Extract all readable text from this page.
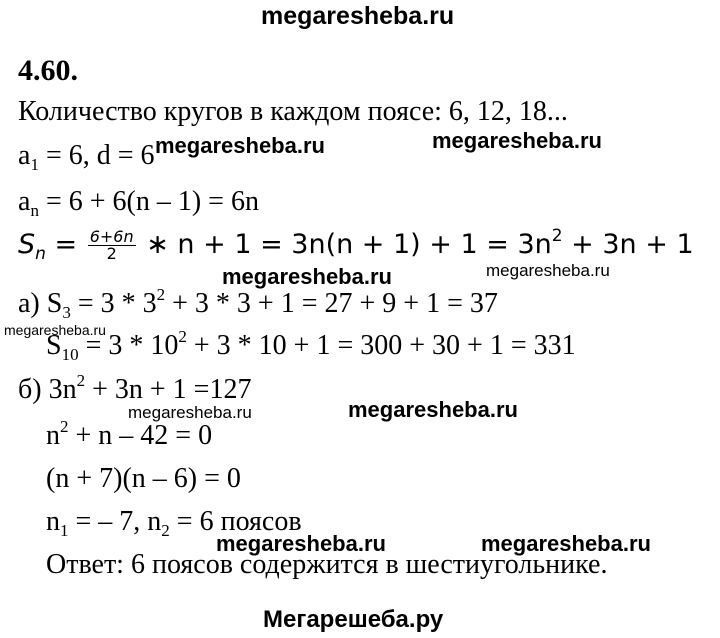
megaresheba.ru
4.60.
Количество кругов в каждом поясе: 6, 12, 18...
$a_1 = 6$, d = 6 megaresheba.ru	megaresheba.ru
$a_n = 6 + 6(n - 1) = 6n$
$S_n = \frac{6+6n}{2}$ ∗ $n + 1 = 3n(n + 1) + 1 = 3n^2 + 3n + 1$
megaresheba.ru	megaresheba.ru
а) $S_3 = 3 * 3^2 + 3 * 3 + 1 = 27 + 9 + 1 = 37$
megaresheba.ru
$S_{10} = 3 * 10^2 + 3 * 10 + 1 = 300 + 30 + 1 = 331$
б) $3n^2 + 3n + 1 =127$
megaresheba.ru	megaresheba.ru
$n^2 + n - 42 = 0$
(n + 7)(n – 6) = 0
$n_1$ = – 7, $n_2 = 6$ поясов
megaresheba.ru	megaresheba.ru
Ответ: 6 поясов содержится в шестиугольнике.
Мегарешеба.ру
